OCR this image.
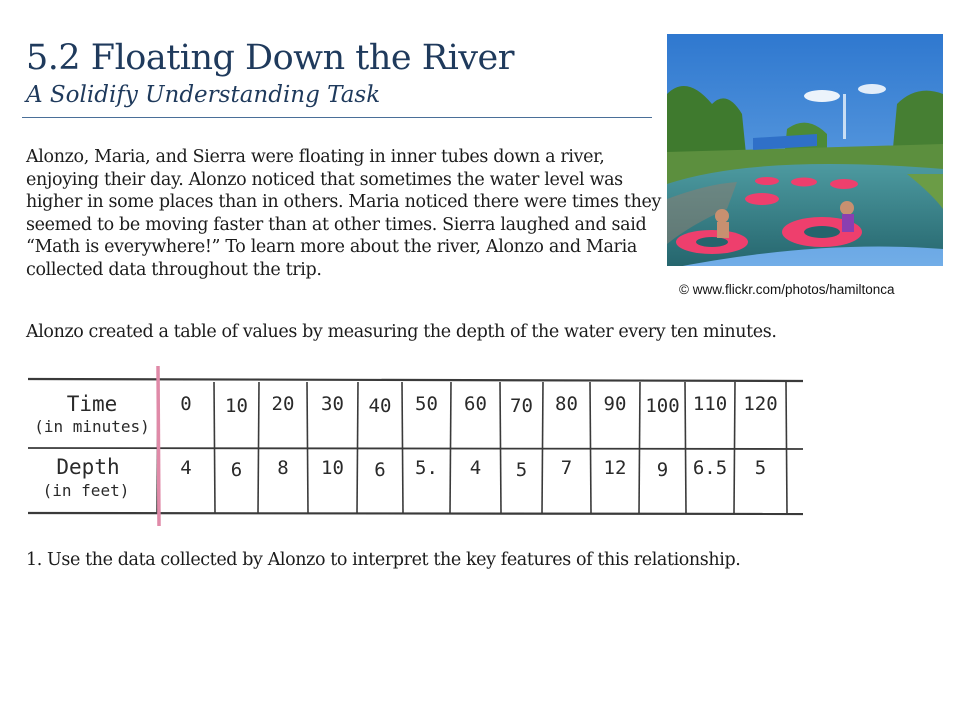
5.2 Floating Down the River
A Solidify Understanding Task

Alonzo, Maria, and Sierra were floating in inner tubes down a river, enjoying their day. Alonzo noticed that sometimes the water level was higher in some places than in others. Maria noticed there were times they seemed to be moving faster than at other times. Sierra laughed and said “Math is everywhere!” To learn more about the river, Alonzo and Maria collected data throughout the trip.

© www.flickr.com/photos/hamiltonca

Alonzo created a table of values by measuring the depth of the water every ten minutes.

Time
(in minutes)
Depth
(in feet)
0 10 20 30 40 50 60 70 80 90 100 110 120
4 6 8 10 6 5. 4 5 7 12 9 6.5 5

1. Use the data collected by Alonzo to interpret the key features of this relationship.
